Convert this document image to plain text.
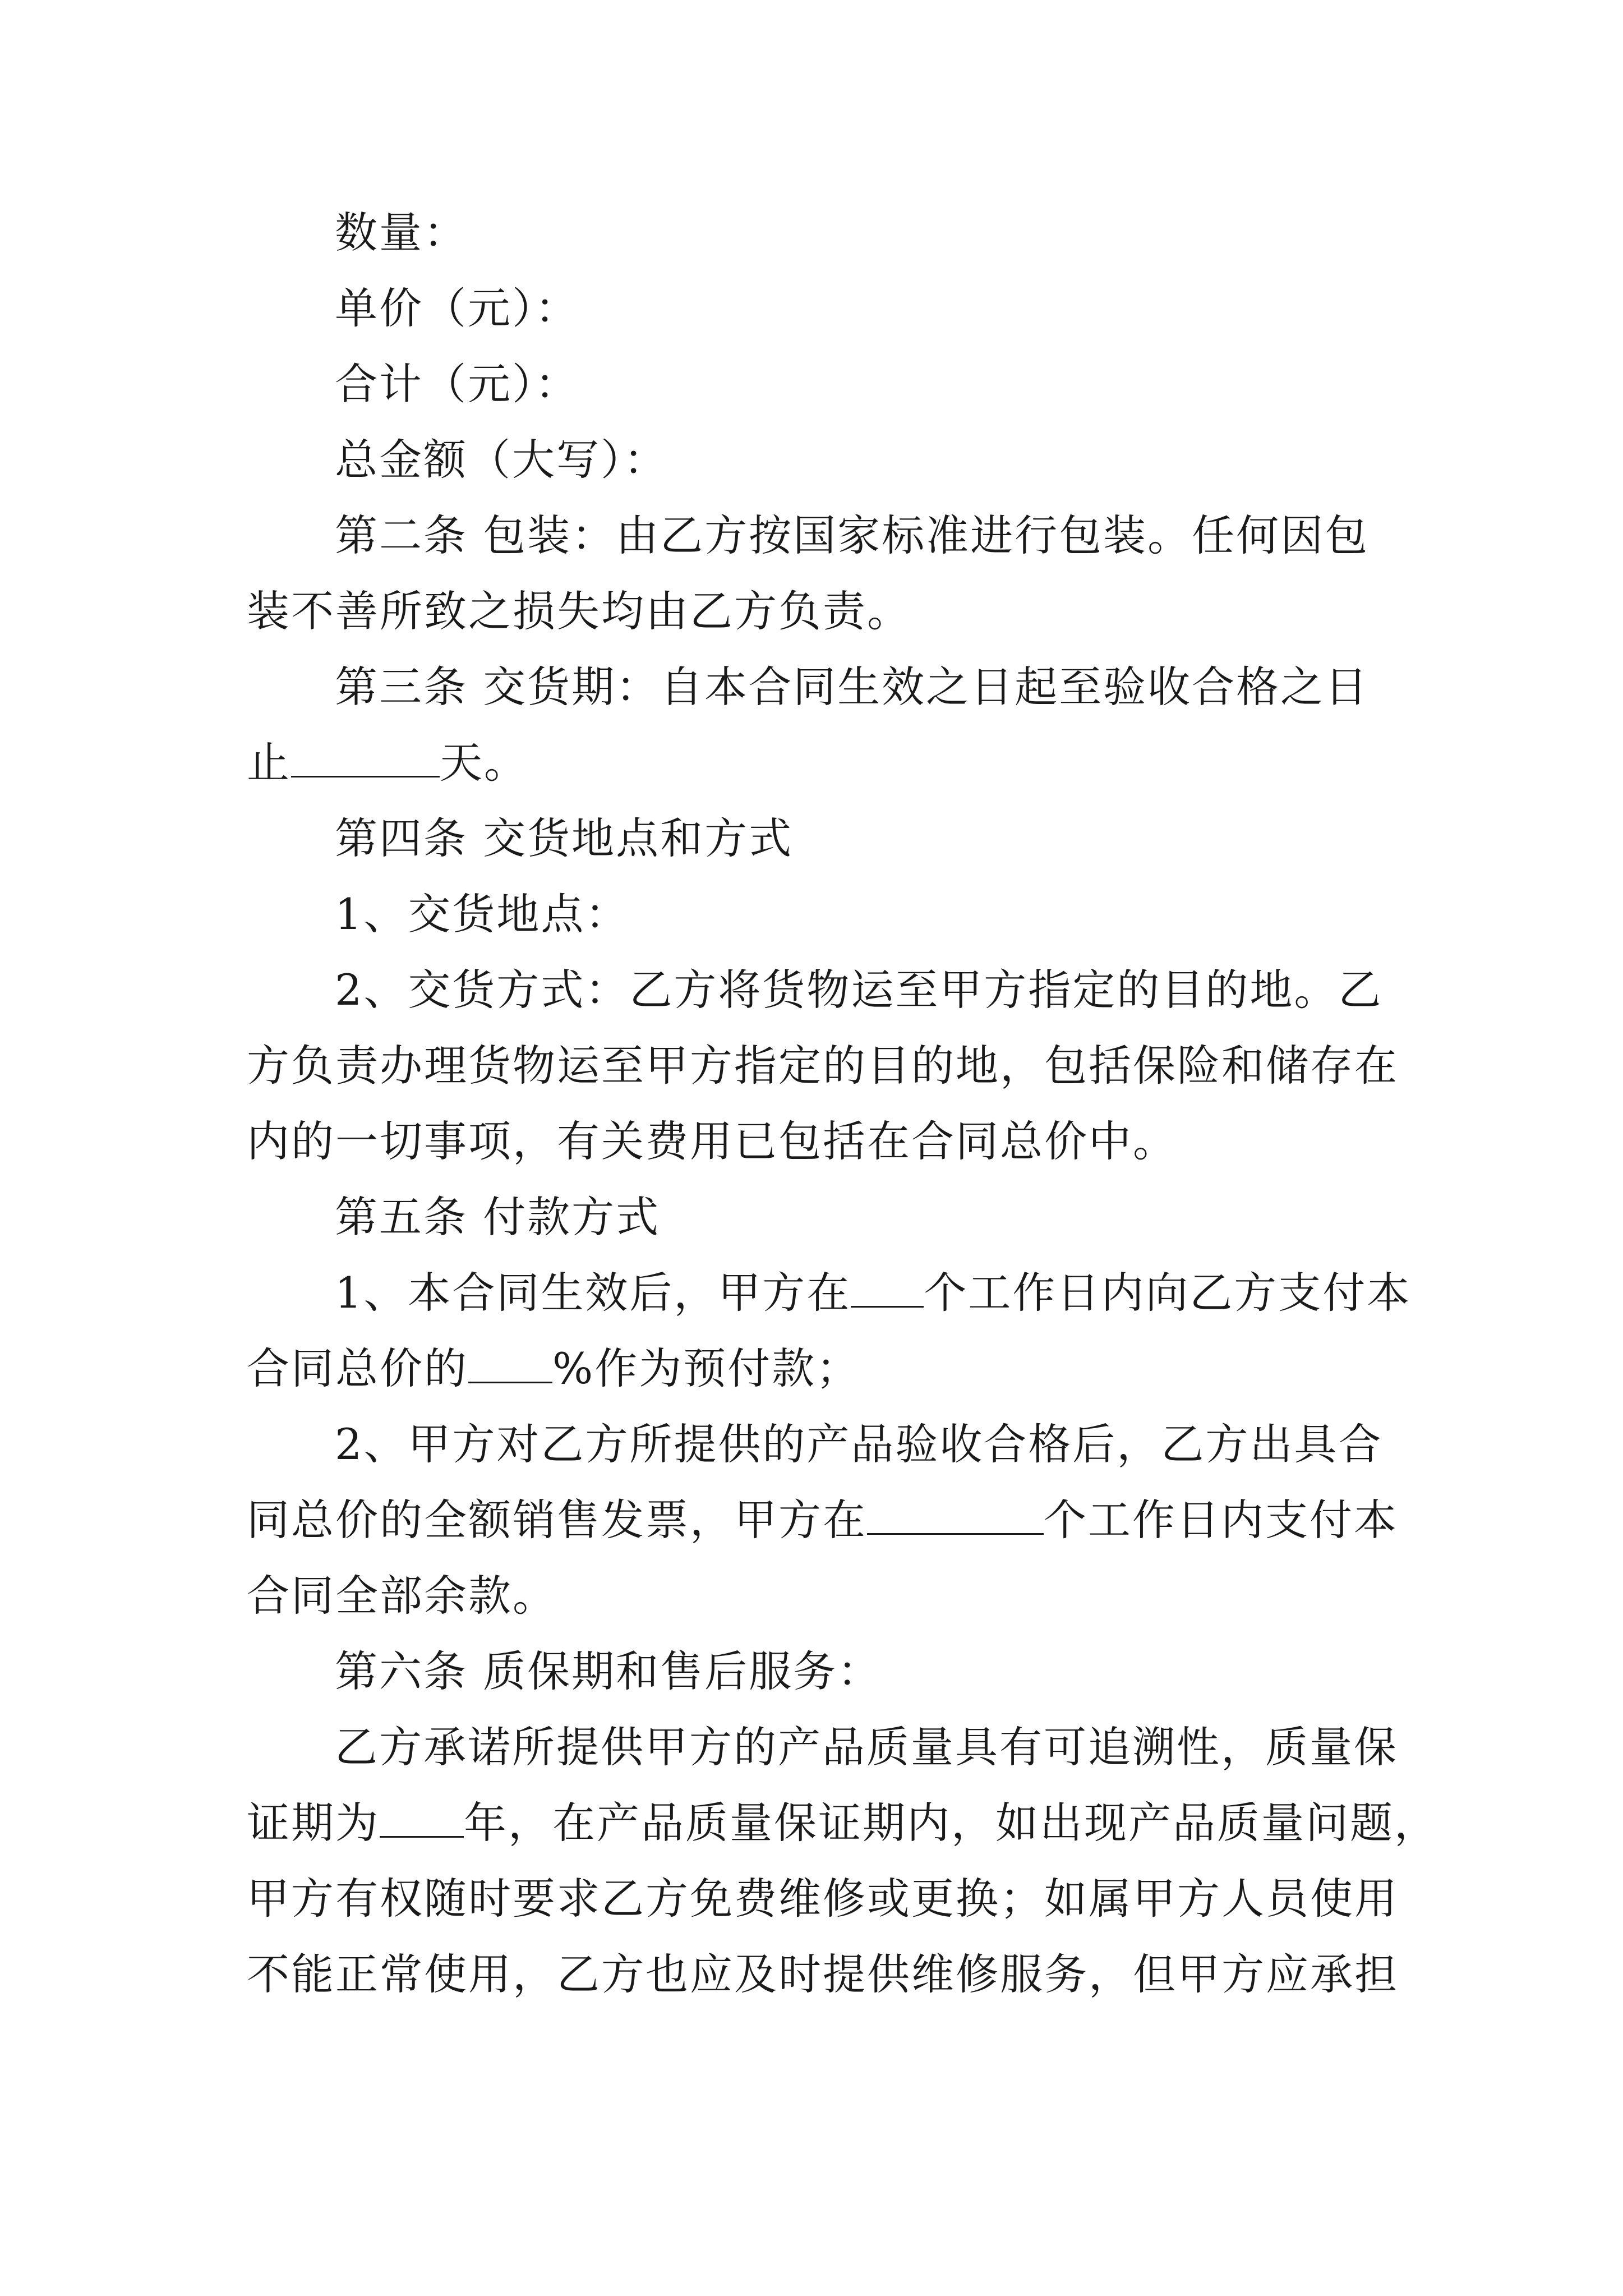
数量：
单价（元）：
合计（元）：
总金额（大写）：
第二条 包装：由乙方按国家标准进行包装。任何因包
装不善所致之损失均由乙方负责。
第三条 交货期：自本合同生效之日起至验收合格之日
止	天。
第四条 交货地点和方式
1、交货地点：
2、交货方式：乙方将货物运至甲方指定的目的地。乙
方负责办理货物运至甲方指定的目的地，包括保险和储存在
内的一切事项，有关费用已包括在合同总价中。
第五条 付款方式
1、本合同生效后，甲方在 个工作日内向乙方支付本
合同总价的 %作为预付款；
2、甲方对乙方所提供的产品验收合格后，乙方出具合
同总价的全额销售发票，甲方在	个工作日内支付本
合同全部余款。
第六条 质保期和售后服务：
乙方承诺所提供甲方的产品质量具有可追溯性，质量保
证期为 年，在产品质量保证期内，如出现产品质量问题，
甲方有权随时要求乙方免费维修或更换；如属甲方人员使用
不能正常使用，乙方也应及时提供维修服务，但甲方应承担
